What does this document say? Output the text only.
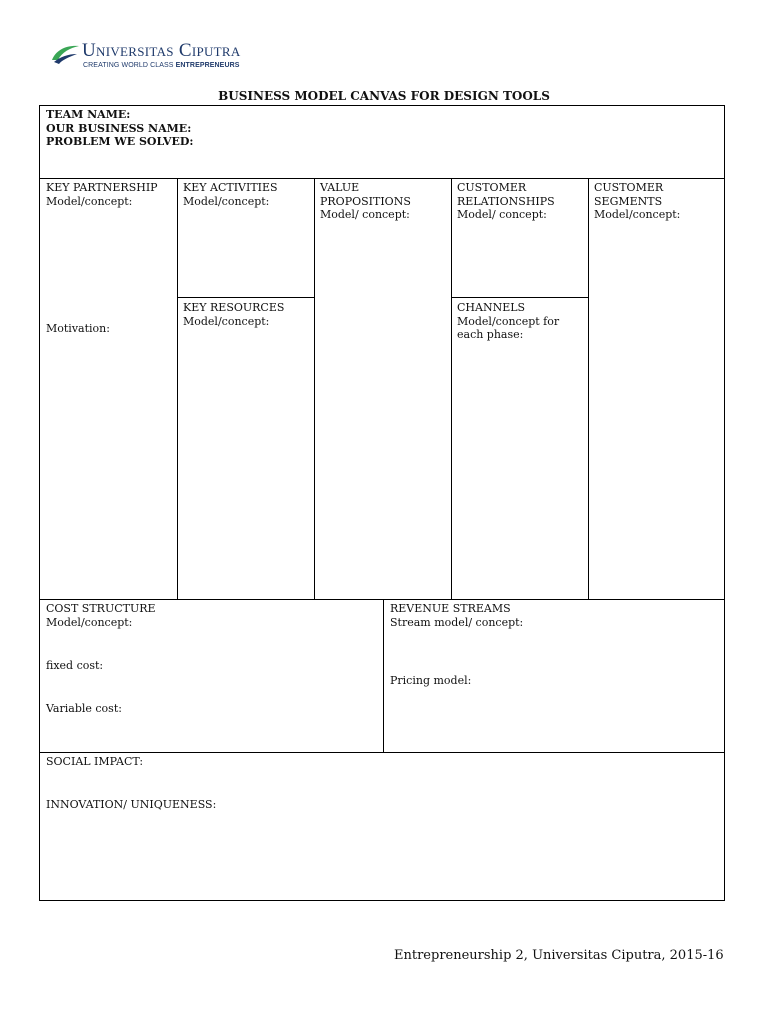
Universitas Ciputra
CREATING WORLD CLASS ENTREPRENEURS
BUSINESS MODEL CANVAS FOR DESIGN TOOLS
TEAM NAME:
OUR BUSINESS NAME:
PROBLEM WE SOLVED:
KEY PARTNERSHIP
Model/concept:
Motivation:
KEY ACTIVITIES
Model/concept:
KEY RESOURCES
Model/concept:
VALUE
PROPOSITIONS
Model/ concept:
CUSTOMER
RELATIONSHIPS
Model/ concept:
CHANNELS
Model/concept for
each phase:
CUSTOMER
SEGMENTS
Model/concept:
COST STRUCTURE
Model/concept:
fixed cost:
Variable cost:
REVENUE STREAMS
Stream model/ concept:
Pricing model:
SOCIAL IMPACT:
INNOVATION/ UNIQUENESS:
Entrepreneurship 2, Universitas Ciputra, 2015-16
